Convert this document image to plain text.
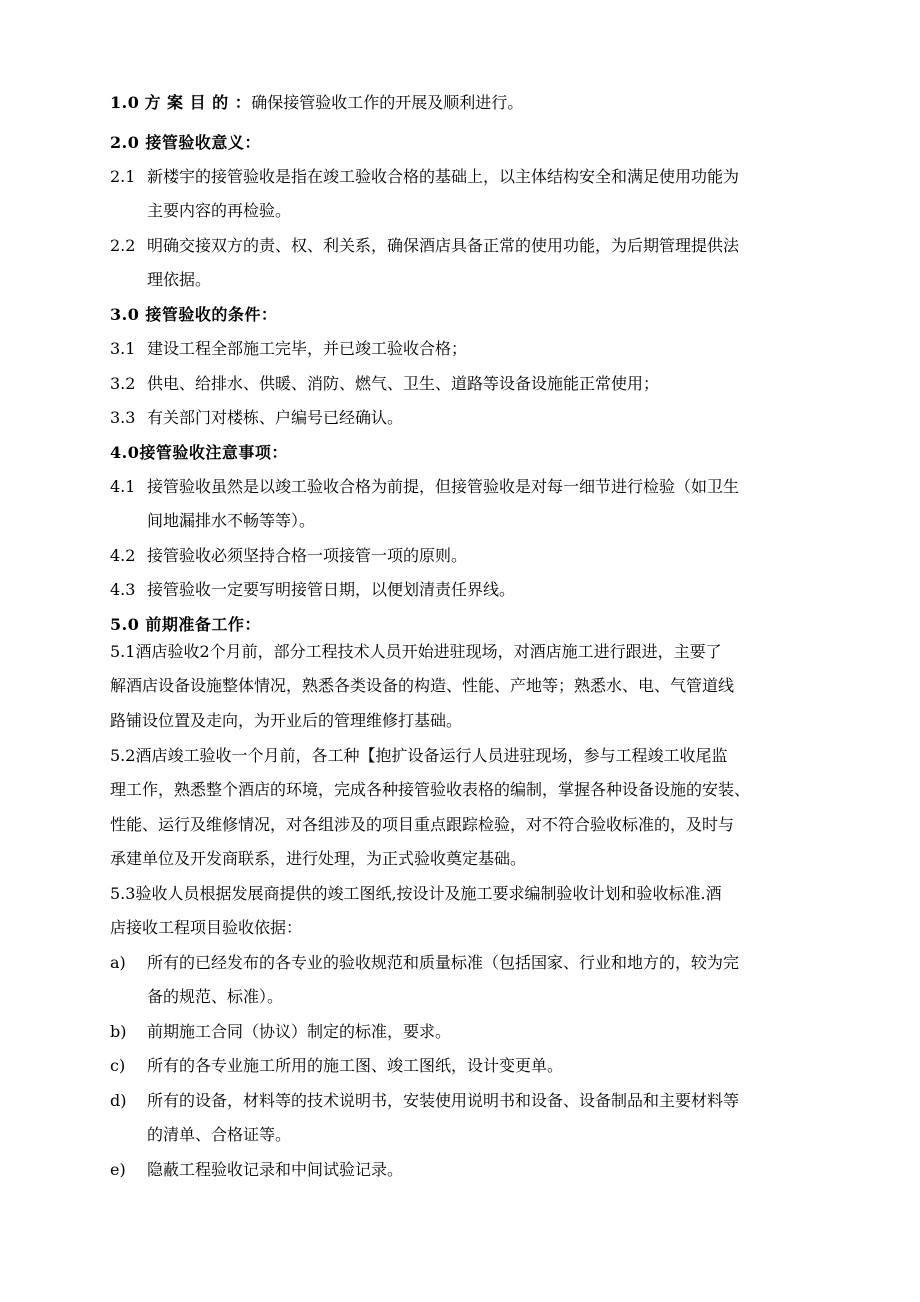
1.0 方 案 目 的 ：确保接管验收工作的开展及顺利进行。
2.0 接管验收意义：
2.1 新楼宇的接管验收是指在竣工验收合格的基础上，以主体结构安全和满足使用功能为
主要内容的再检验。
2.2 明确交接双方的责、权、利关系，确保酒店具备正常的使用功能，为后期管理提供法
理依据。
3.0 接管验收的条件：
3.1 建设工程全部施工完毕，并已竣工验收合格；
3.2 供电、给排水、供暖、消防、燃气、卫生、道路等设备设施能正常使用；
3.3 有关部门对楼栋、户编号已经确认。
4.0接管验收注意事项：
4.1 接管验收虽然是以竣工验收合格为前提，但接管验收是对每一细节进行检验（如卫生
间地漏排水不畅等等）。
4.2 接管验收必须坚持合格一项接管一项的原则。
4.3 接管验收一定要写明接管日期，以便划清责任界线。
5.0 前期准备工作：
5.1酒店验收2个月前，部分工程技术人员开始进驻现场，对酒店施工进行跟进，主要了
解酒店设备设施整体情况，熟悉各类设备的构造、性能、产地等；熟悉水、电、气管道线
路铺设位置及走向，为开业后的管理维修打基础。
5.2酒店竣工验收一个月前，各工种【抱扩设备运行人员进驻现场，参与工程竣工收尾监
理工作，熟悉整个酒店的环境，完成各种接管验收表格的编制，掌握各种设备设施的安装、
性能、运行及维修情况，对各组涉及的项目重点跟踪检验，对不符合验收标准的，及时与
承建单位及开发商联系，进行处理，为正式验收奠定基础。
5.3验收人员根据发展商提供的竣工图纸,按设计及施工要求编制验收计划和验收标准.酒
店接收工程项目验收依据：
a) 所有的已经发布的各专业的验收规范和质量标准（包括国家、行业和地方的，较为完
备的规范、标准）。
b) 前期施工合同（协议）制定的标准，要求。
c) 所有的各专业施工所用的施工图、竣工图纸，设计变更单。
d) 所有的设备，材料等的技术说明书，安装使用说明书和设备、设备制品和主要材料等
的清单、合格证等。
e) 隐蔽工程验收记录和中间试验记录。
